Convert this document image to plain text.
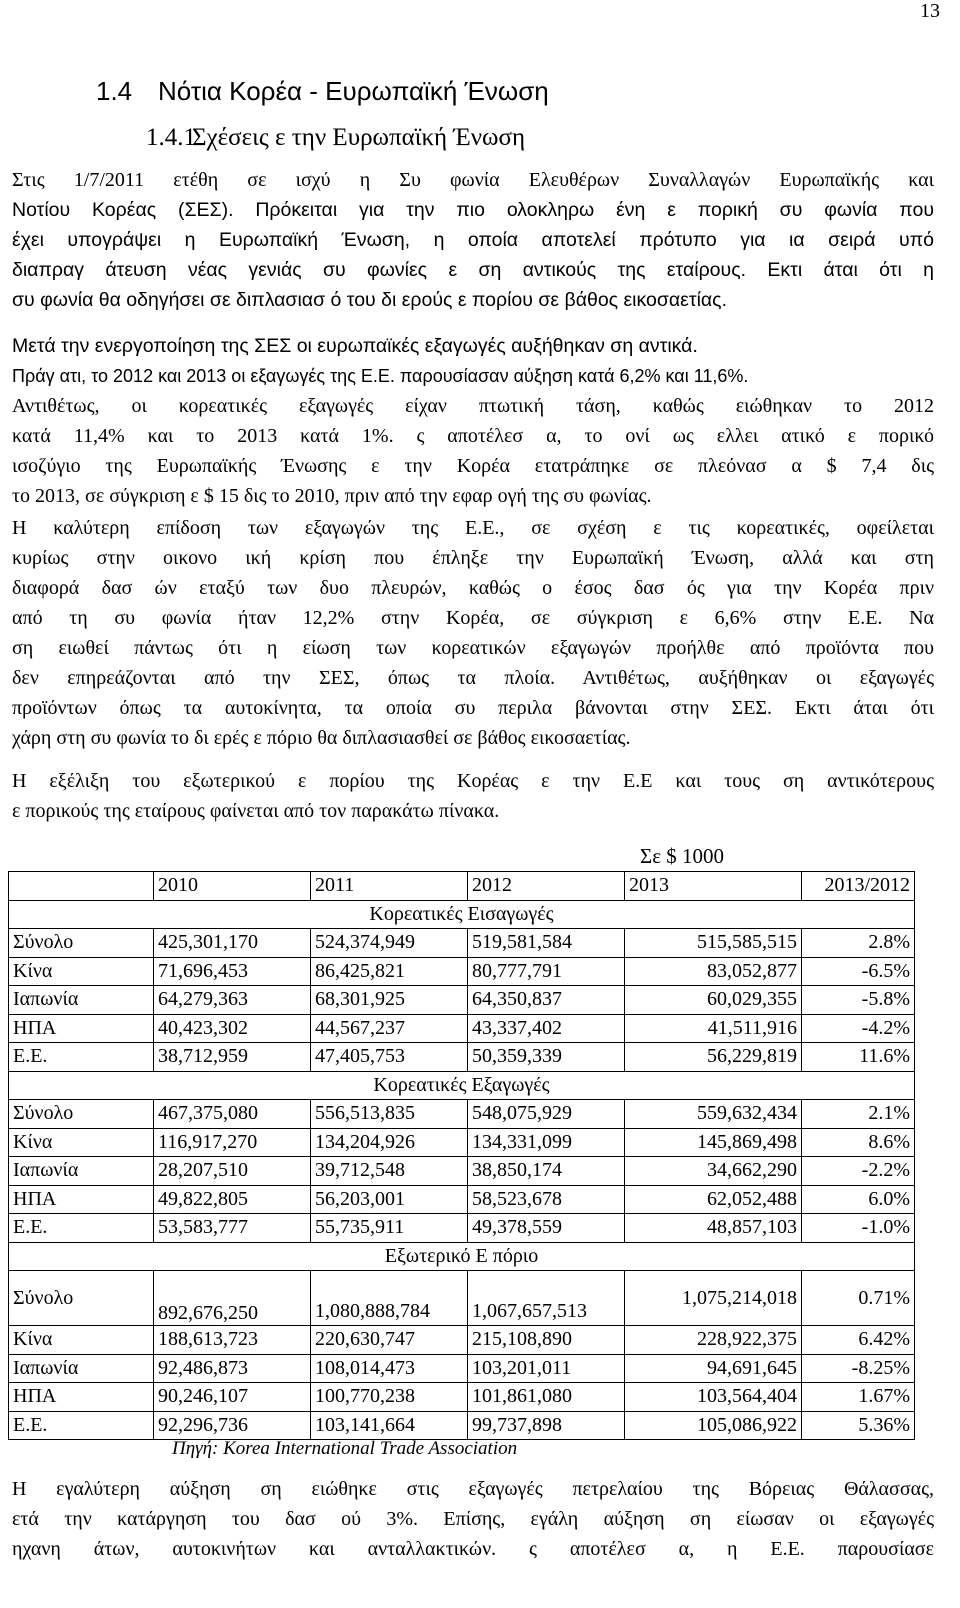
13
1.4 Νότια Κορέα - Ευρωπαϊκή Ένωση
1.4.1Σχέσεις ε την Ευρωπαϊκή Ένωση
Στις 1/7/2011 ετέθη σε ισχύ η Συ φωνία Ελευθέρων Συναλλαγών Ευρωπαϊκής και
Νοτίου Κορέας (ΣΕΣ). Πρόκειται για την πιο ολοκληρω ένη ε πορική συ φωνία που
έχει υπογράψει η Ευρωπαϊκή Ένωση, η οποία αποτελεί πρότυπο για ια σειρά υπό
διαπραγ άτευση νέας γενιάς συ φωνίες ε ση αντικούς της εταίρους. Εκτι άται ότι η
συ φωνία θα οδηγήσει σε διπλασιασ ό του δι ερούς ε πορίου σε βάθος εικοσαετίας.
Μετά την ενεργοποίηση της ΣΕΣ οι ευρωπαϊκές εξαγωγές αυξήθηκαν ση αντικά.
Πράγ ατι, το 2012 και 2013 οι εξαγωγές της Ε.Ε. παρουσίασαν αύξηση κατά 6,2% και 11,6%.
Αντιθέτως, οι κορεατικές εξαγωγές είχαν πτωτική τάση, καθώς ειώθηκαν το 2012
κατά 11,4% και το 2013 κατά 1%. ς αποτέλεσ α, το ονί ως ελλει ατικό ε πορικό
ισοζύγιο της Ευρωπαϊκής Ένωσης ε την Κορέα ετατράπηκε σε πλεόνασ α $ 7,4 δις
το 2013, σε σύγκριση ε $ 15 δις το 2010, πριν από την εφαρ ογή της συ φωνίας.
Η καλύτερη επίδοση των εξαγωγών της Ε.Ε., σε σχέση ε τις κορεατικές, οφείλεται
κυρίως στην οικονο ική κρίση που έπληξε την Ευρωπαϊκή Ένωση, αλλά και στη
διαφορά δασ ών εταξύ των δυο πλευρών, καθώς ο έσος δασ ός για την Κορέα πριν
από τη συ φωνία ήταν 12,2% στην Κορέα, σε σύγκριση ε 6,6% στην Ε.Ε. Να
ση ειωθεί πάντως ότι η είωση των κορεατικών εξαγωγών προήλθε από προϊόντα που
δεν επηρεάζονται από την ΣΕΣ, όπως τα πλοία. Αντιθέτως, αυξήθηκαν οι εξαγωγές
προϊόντων όπως τα αυτοκίνητα, τα οποία συ περιλα βάνονται στην ΣΕΣ. Εκτι άται ότι
χάρη στη συ φωνία το δι ερές ε πόριο θα διπλασιασθεί σε βάθος εικοσαετίας.
Η εξέλιξη του εξωτερικού ε πορίου της Κορέας ε την Ε.Ε και τους ση αντικότερους
ε πορικούς της εταίρους φαίνεται από τον παρακάτω πίνακα.
Σε $ 1000
	2010	2011	2012	2013	2013/2012
Κορεατικές Εισαγωγές					
Σύνολο	425,301,170	524,374,949	519,581,584	515,585,515	2.8%
Κίνα	71,696,453	86,425,821	80,777,791	83,052,877	-6.5%
Ιαπωνία	64,279,363	68,301,925	64,350,837	60,029,355	-5.8%
ΗΠΑ	40,423,302	44,567,237	43,337,402	41,511,916	-4.2%
Ε.Ε.	38,712,959	47,405,753	50,359,339	56,229,819	11.6%
Κορεατικές Εξαγωγές					
Σύνολο	467,375,080	556,513,835	548,075,929	559,632,434	2.1%
Κίνα	116,917,270	134,204,926	134,331,099	145,869,498	8.6%
Ιαπωνία	28,207,510	39,712,548	38,850,174	34,662,290	-2.2%
ΗΠΑ	49,822,805	56,203,001	58,523,678	62,052,488	6.0%
Ε.Ε.	53,583,777	55,735,911	49,378,559	48,857,103	-1.0%
Εξωτερικό Ε πόριο					
Σύνολο	892,676,250	1,080,888,784	1,067,657,513	1,075,214,018	0.71%
Κίνα	188,613,723	220,630,747	215,108,890	228,922,375	6.42%
Ιαπωνία	92,486,873	108,014,473	103,201,011	94,691,645	-8.25%
ΗΠΑ	90,246,107	100,770,238	101,861,080	103,564,404	1.67%
Ε.Ε.	92,296,736	103,141,664	99,737,898	105,086,922	5.36%
Πηγή: Korea International Trade Association
Η εγαλύτερη αύξηση ση ειώθηκε στις εξαγωγές πετρελαίου της Βόρειας Θάλασσας,
ετά την κατάργηση του δασ ού 3%. Επίσης, εγάλη αύξηση ση είωσαν οι εξαγωγές
ηχανη άτων, αυτοκινήτων και ανταλλακτικών. ς αποτέλεσ α, η Ε.Ε. παρουσίασε
